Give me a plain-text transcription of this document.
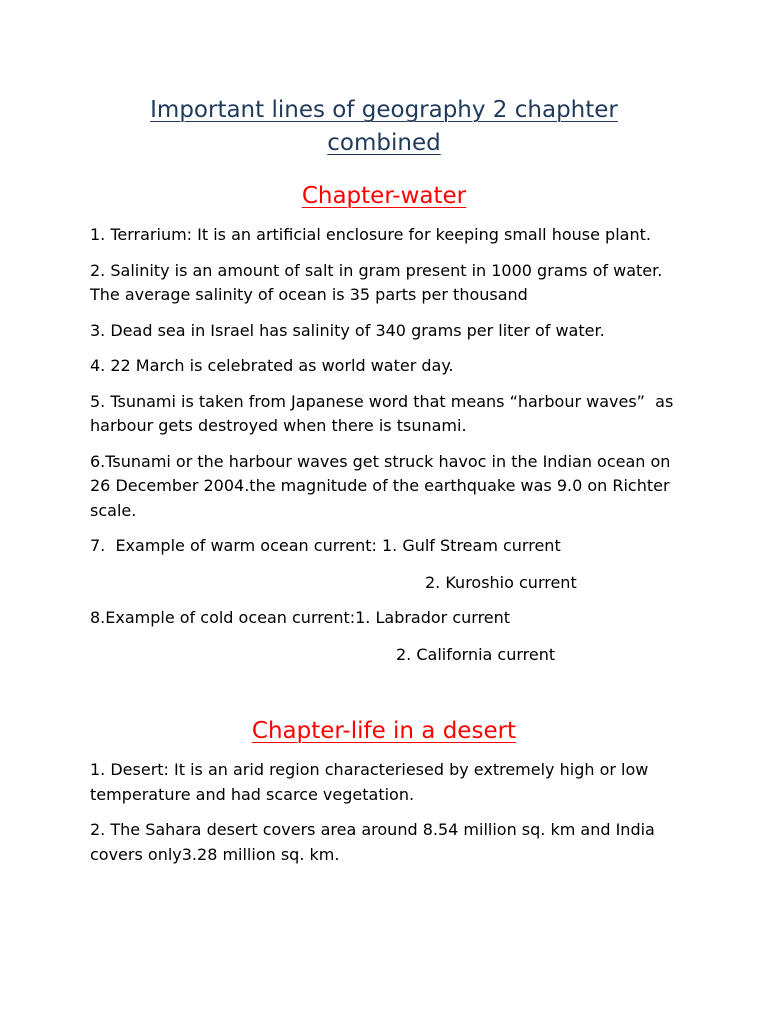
Important lines of geography 2 chaphter combined
Chapter-water

1. Terrarium: It is an artificial enclosure for keeping small house plant.

2. Salinity is an amount of salt in gram present in 1000 grams of water. The average salinity of ocean is 35 parts per thousand

3. Dead sea in Israel has salinity of 340 grams per liter of water.

4. 22 March is celebrated as world water day.

5. Tsunami is taken from Japanese word that means “harbour waves”  as harbour gets destroyed when there is tsunami.

6.Tsunami or the harbour waves get struck havoc in the Indian ocean on 26 December 2004.the magnitude of the earthquake was 9.0 on Richter scale.

7.  Example of warm ocean current: 1. Gulf Stream current

2. Kuroshio current

8.Example of cold ocean current:1. Labrador current

2. California current

Chapter-life in a desert

1. Desert: It is an arid region characteriesed by extremely high or low temperature and had scarce vegetation.

2. The Sahara desert covers area around 8.54 million sq. km and India covers only3.28 million sq. km.
